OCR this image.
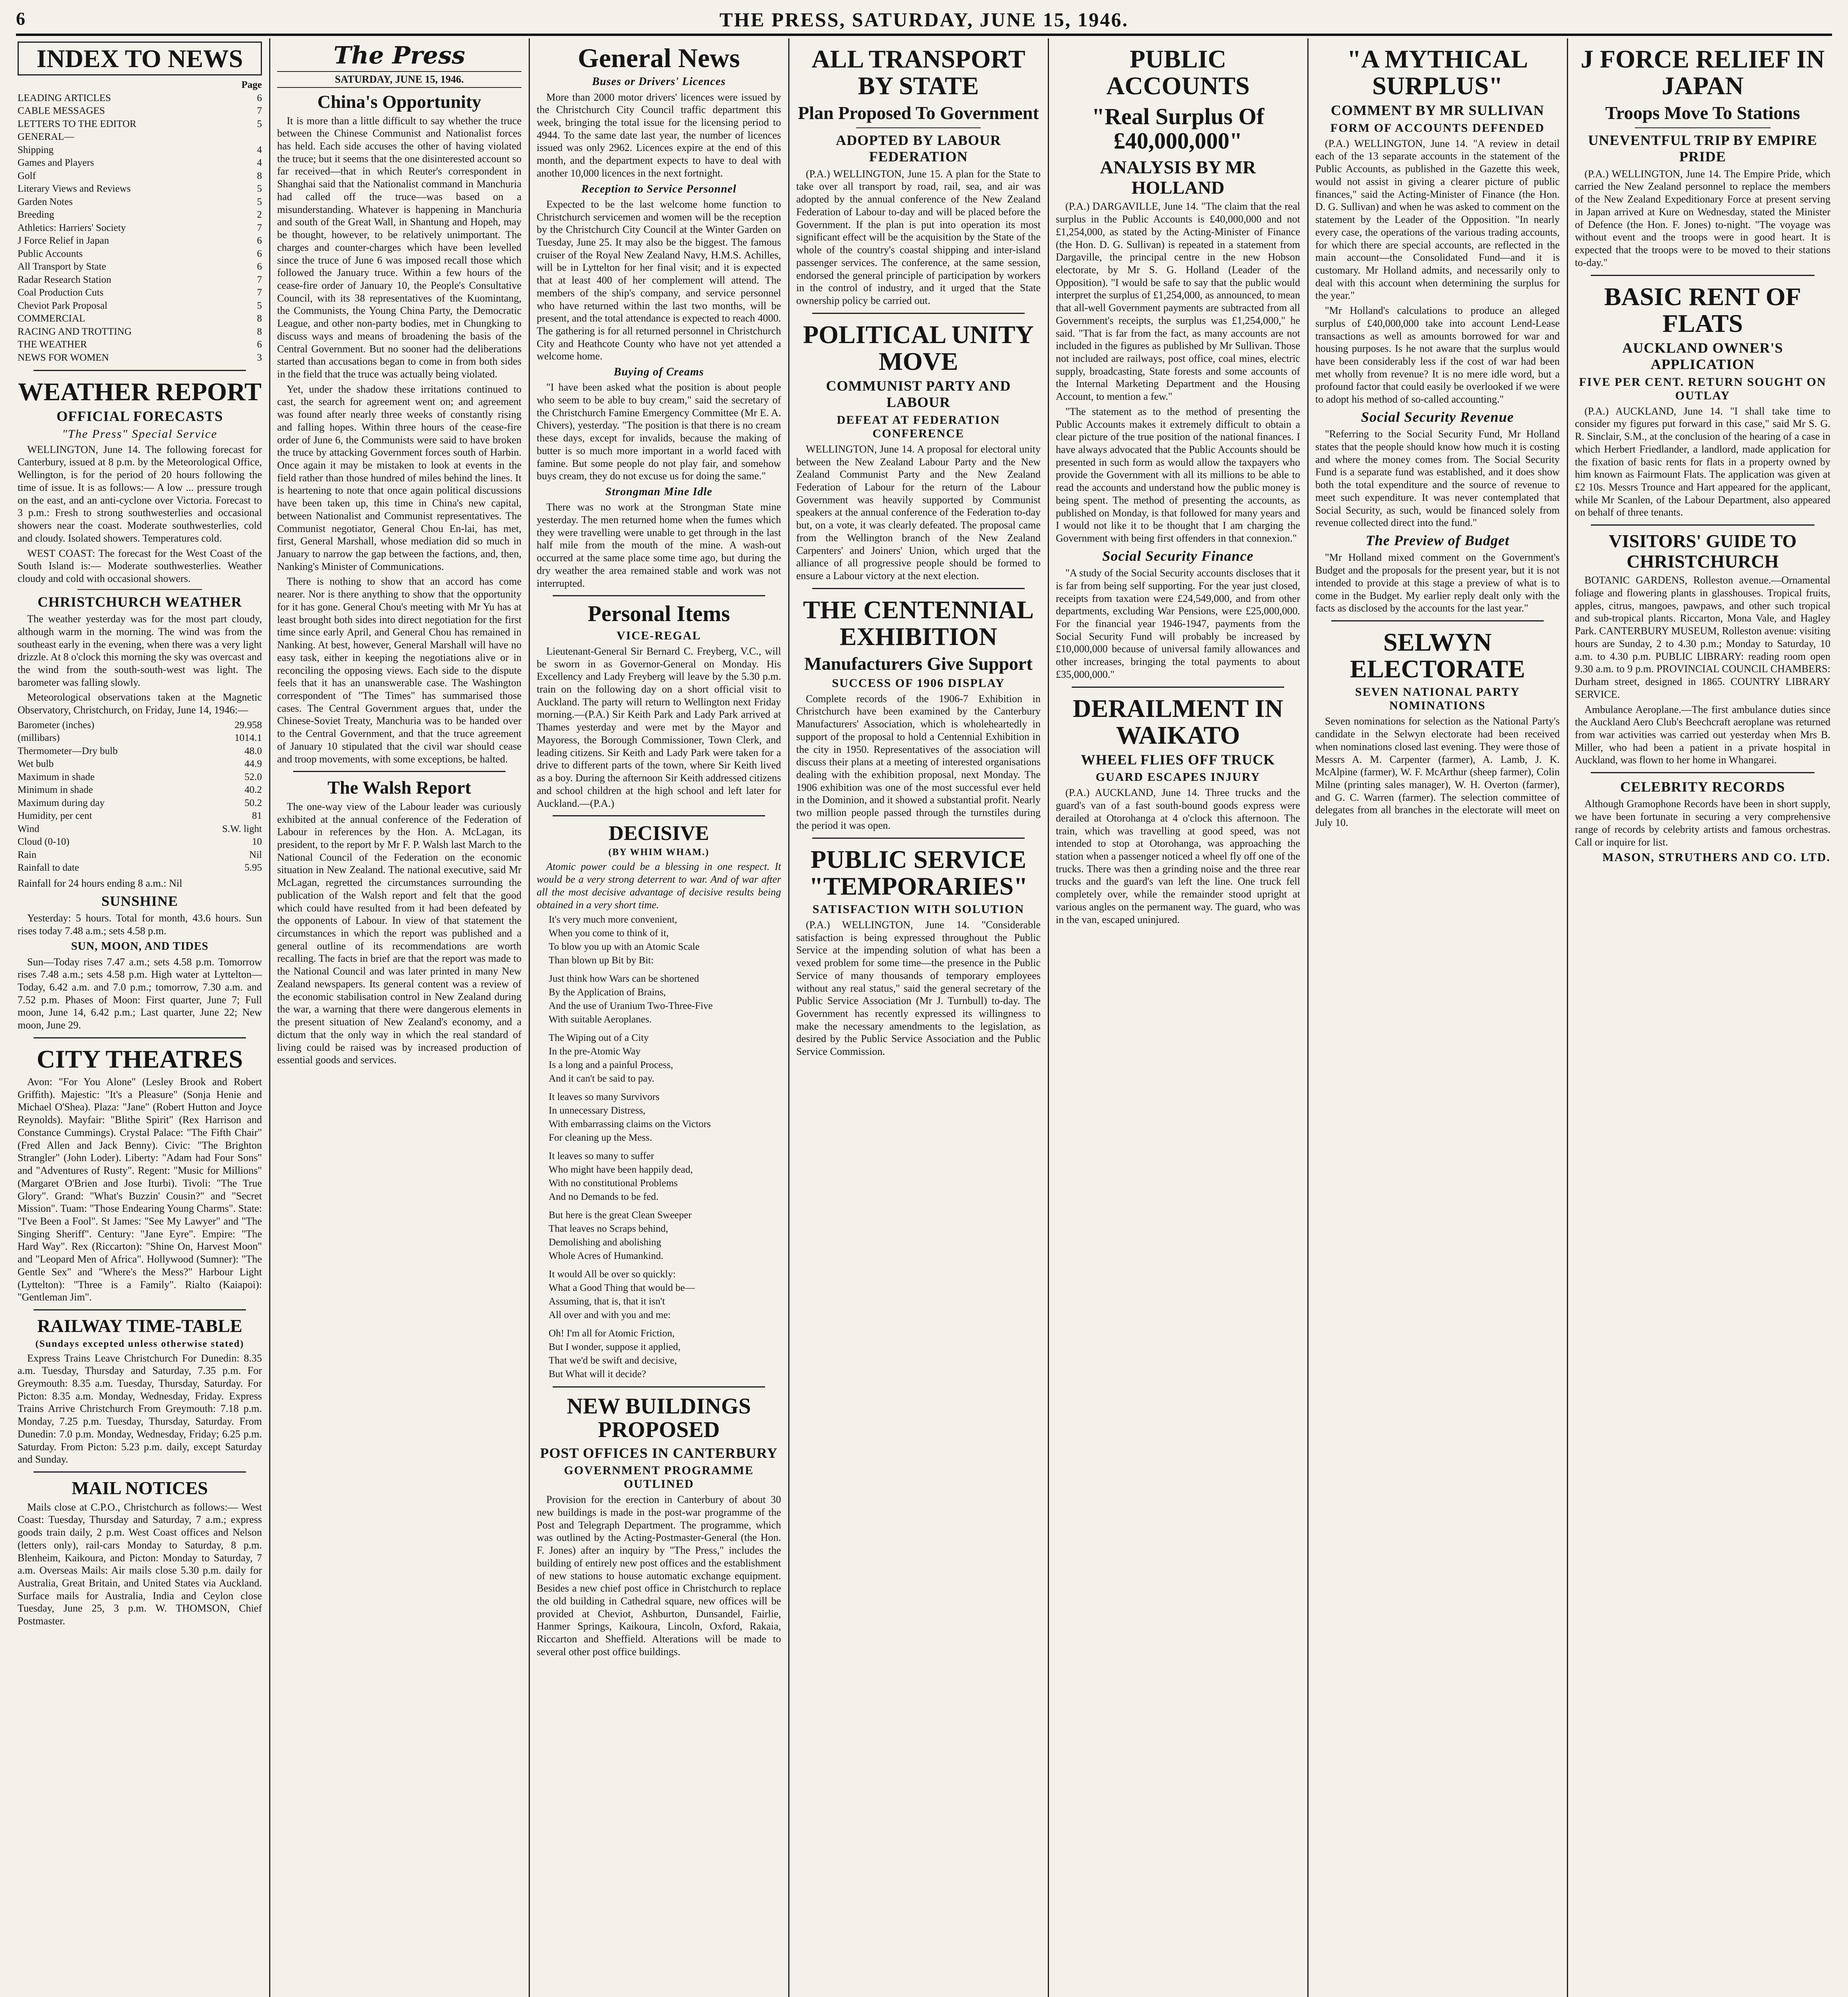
6	THE PRESS, SATURDAY, JUNE 15, 1946.
INDEX TO NEWS
Page
LEADING ARTICLES	6
CABLE MESSAGES	7
LETTERS TO THE EDITOR	5
GENERAL—
Shipping	4
Games and Players	4
Golf	8
Literary Views and Reviews	5
Garden Notes	5
Breeding	2
Athletics: Harriers' Society	7
J Force Relief in Japan	6
Public Accounts	6
All Transport by State	6
Radar Research Station	7
Coal Production Cuts	7
Cheviot Park Proposal	5
COMMERCIAL	8
RACING AND TROTTING	8
THE WEATHER	6
NEWS FOR WOMEN	3
WEATHER REPORT
OFFICIAL FORECASTS
"The Press" Special Service

WELLINGTON, June 14. The following forecast for Canterbury, issued at 8 p.m. by the Meteorological Office, Wellington, is for the period of 20 hours following the time of issue. It is as follows:— A low ... pressure trough on the east, and an anti-cyclone over Victoria. Forecast to 3 p.m.: Fresh to strong southwesterlies and occasional showers near the coast. Moderate southwesterlies, cold and cloudy. Isolated showers. Temperatures cold.

WEST COAST: The forecast for the West Coast of the South Island is:— Moderate southwesterlies. Weather cloudy and cold with occasional showers.

CHRISTCHURCH WEATHER

The weather yesterday was for the most part cloudy, although warm in the morning. The wind was from the southeast early in the evening, when there was a very light drizzle. At 8 o'clock this morning the sky was overcast and the wind from the south-south-west was light. The barometer was falling slowly.

Meteorological observations taken at the Magnetic Observatory, Christchurch, on Friday, June 14, 1946:—

Barometer (inches)	29.958
(millibars)	1014.1
Thermometer—Dry bulb	48.0
Wet bulb	44.9
Maximum in shade	52.0
Minimum in shade	40.2
Maximum during day	50.2
Humidity, per cent	81
Wind	S.W. light
Cloud (0-10)	10
Rain	Nil
Rainfall to date	5.95

Rainfall for 24 hours ending 8 a.m.: Nil

SUNSHINE

Yesterday: 5 hours. Total for month, 43.6 hours. Sun rises today 7.48 a.m.; sets 4.58 p.m.

SUN, MOON, AND TIDES

Sun—Today rises 7.47 a.m.; sets 4.58 p.m. Tomorrow rises 7.48 a.m.; sets 4.58 p.m. High water at Lyttelton—Today, 6.42 a.m. and 7.0 p.m.; tomorrow, 7.30 a.m. and 7.52 p.m. Phases of Moon: First quarter, June 7; Full moon, June 14, 6.42 p.m.; Last quarter, June 22; New moon, June 29.

CITY THEATRES

Avon: "For You Alone" (Lesley Brook and Robert Griffith). Majestic: "It's a Pleasure" (Sonja Henie and Michael O'Shea). Plaza: "Jane" (Robert Hutton and Joyce Reynolds). Mayfair: "Blithe Spirit" (Rex Harrison and Constance Cummings). Crystal Palace: "The Fifth Chair" (Fred Allen and Jack Benny). Civic: "The Brighton Strangler" (John Loder). Liberty: "Adam had Four Sons" and "Adventures of Rusty". Regent: "Music for Millions" (Margaret O'Brien and Jose Iturbi). Tivoli: "The True Glory". Grand: "What's Buzzin' Cousin?" and "Secret Mission". Tuam: "Those Endearing Young Charms". State: "I've Been a Fool". St James: "See My Lawyer" and "The Singing Sheriff". Century: "Jane Eyre". Empire: "The Hard Way". Rex (Riccarton): "Shine On, Harvest Moon" and "Leopard Men of Africa". Hollywood (Sumner): "The Gentle Sex" and "Where's the Mess?" Harbour Light (Lyttelton): "Three is a Family". Rialto (Kaiapoi): "Gentleman Jim".

RAILWAY TIME-TABLE
(Sundays excepted unless otherwise stated)

Express Trains Leave Christchurch For Dunedin: 8.35 a.m. Tuesday, Thursday and Saturday, 7.35 p.m. For Greymouth: 8.35 a.m. Tuesday, Thursday, Saturday. For Picton: 8.35 a.m. Monday, Wednesday, Friday. Express Trains Arrive Christchurch From Greymouth: 7.18 p.m. Monday, 7.25 p.m. Tuesday, Thursday, Saturday. From Dunedin: 7.0 p.m. Monday, Wednesday, Friday; 6.25 p.m. Saturday. From Picton: 5.23 p.m. daily, except Saturday and Sunday.

MAIL NOTICES

Mails close at C.P.O., Christchurch as follows:— West Coast: Tuesday, Thursday and Saturday, 7 a.m.; express goods train daily, 2 p.m. West Coast offices and Nelson (letters only), rail-cars Monday to Saturday, 8 p.m. Blenheim, Kaikoura, and Picton: Monday to Saturday, 7 a.m. Overseas Mails: Air mails close 5.30 p.m. daily for Australia, Great Britain, and United States via Auckland. Surface mails for Australia, India and Ceylon close Tuesday, June 25, 3 p.m. W. THOMSON, Chief Postmaster.

The Press
SATURDAY, JUNE 15, 1946.
China's Opportunity

It is more than a little difficult to say whether the truce between the Chinese Communist and Nationalist forces has held. Each side accuses the other of having violated the truce; but it seems that the one disinterested account so far received—that in which Reuter's correspondent in Shanghai said that the Nationalist command in Manchuria had called off the truce—was based on a misunderstanding. Whatever is happening in Manchuria and south of the Great Wall, in Shantung and Hopeh, may be thought, however, to be relatively unimportant. The charges and counter-charges which have been levelled since the truce of June 6 was imposed recall those which followed the January truce. Within a few hours of the cease-fire order of January 10, the People's Consultative Council, with its 38 representatives of the Kuomintang, the Communists, the Young China Party, the Democratic League, and other non-party bodies, met in Chungking to discuss ways and means of broadening the basis of the Central Government. But no sooner had the deliberations started than accusations began to come in from both sides in the field that the truce was actually being violated.

Yet, under the shadow these irritations continued to cast, the search for agreement went on; and agreement was found after nearly three weeks of constantly rising and falling hopes. Within three hours of the cease-fire order of June 6, the Communists were said to have broken the truce by attacking Government forces south of Harbin. Once again it may be mistaken to look at events in the field rather than those hundred of miles behind the lines. It is heartening to note that once again political discussions have been taken up, this time in China's new capital, between Nationalist and Communist representatives. The Communist negotiator, General Chou En-lai, has met, first, General Marshall, whose mediation did so much in January to narrow the gap between the factions, and, then, Nanking's Minister of Communications.

There is nothing to show that an accord has come nearer. Nor is there anything to show that the opportunity for it has gone. General Chou's meeting with Mr Yu has at least brought both sides into direct negotiation for the first time since early April, and General Chou has remained in Nanking. At best, however, General Marshall will have no easy task, either in keeping the negotiations alive or in reconciling the opposing views. Each side to the dispute feels that it has an unanswerable case. The Washington correspondent of "The Times" has summarised those cases. The Central Government argues that, under the Chinese-Soviet Treaty, Manchuria was to be handed over to the Central Government, and that the truce agreement of January 10 stipulated that the civil war should cease and troop movements, with some exceptions, be halted.

The Walsh Report

The one-way view of the Labour leader was curiously exhibited at the annual conference of the Federation of Labour in references by the Hon. A. McLagan, its president, to the report by Mr F. P. Walsh last March to the National Council of the Federation on the economic situation in New Zealand. The national executive, said Mr McLagan, regretted the circumstances surrounding the publication of the Walsh report and felt that the good which could have resulted from it had been defeated by the opponents of Labour. In view of that statement the circumstances in which the report was published and a general outline of its recommendations are worth recalling. The facts in brief are that the report was made to the National Council and was later printed in many New Zealand newspapers. Its general content was a review of the economic stabilisation control in New Zealand during the war, a warning that there were dangerous elements in the present situation of New Zealand's economy, and a dictum that the only way in which the real standard of living could be raised was by increased production of essential goods and services.

General News
Buses or Drivers' Licences

More than 2000 motor drivers' licences were issued by the Christchurch City Council traffic department this week, bringing the total issue for the licensing period to 4944. To the same date last year, the number of licences issued was only 2962. Licences expire at the end of this month, and the department expects to have to deal with another 10,000 licences in the next fortnight.

Reception to Service Personnel

Expected to be the last welcome home function to Christchurch servicemen and women will be the reception by the Christchurch City Council at the Winter Garden on Tuesday, June 25. It may also be the biggest. The famous cruiser of the Royal New Zealand Navy, H.M.S. Achilles, will be in Lyttelton for her final visit; and it is expected that at least 400 of her complement will attend. The members of the ship's company, and service personnel who have returned within the last two months, will be present, and the total attendance is expected to reach 4000. The gathering is for all returned personnel in Christchurch City and Heathcote County who have not yet attended a welcome home.

Buying of Creams

"I have been asked what the position is about people who seem to be able to buy cream," said the secretary of the Christchurch Famine Emergency Committee (Mr E. A. Chivers), yesterday. "The position is that there is no cream these days, except for invalids, because the making of butter is so much more important in a world faced with famine. But some people do not play fair, and somehow buys cream, they do not excuse us for doing the same."

Strongman Mine Idle

There was no work at the Strongman State mine yesterday. The men returned home when the fumes which they were travelling were unable to get through in the last half mile from the mouth of the mine. A wash-out occurred at the same place some time ago, but during the dry weather the area remained stable and work was not interrupted.

Personal Items
VICE-REGAL

Lieutenant-General Sir Bernard C. Freyberg, V.C., will be sworn in as Governor-General on Monday. His Excellency and Lady Freyberg will leave by the 5.30 p.m. train on the following day on a short official visit to Auckland. The party will return to Wellington next Friday morning.—(P.A.) Sir Keith Park and Lady Park arrived at Thames yesterday and were met by the Mayor and Mayoress, the Borough Commissioner, Town Clerk, and leading citizens. Sir Keith and Lady Park were taken for a drive to different parts of the town, where Sir Keith lived as a boy. During the afternoon Sir Keith addressed citizens and school children at the high school and left later for Auckland.—(P.A.)

DECISIVE
(BY WHIM WHAM.)

Atomic power could be a blessing in one respect. It would be a very strong deterrent to war. And of war after all the most decisive advantage of decisive results being obtained in a very short time.

It's very much more convenient,
When you come to think of it,
To blow you up with an Atomic Scale
Than blown up Bit by Bit:

Just think how Wars can be shortened
By the Application of Brains,
And the use of Uranium Two-Three-Five
With suitable Aeroplanes.

The Wiping out of a City
In the pre-Atomic Way
Is a long and a painful Process,
And it can't be said to pay.

It leaves so many Survivors
In unnecessary Distress,
With embarrassing claims on the Victors
For cleaning up the Mess.

It leaves so many to suffer
Who might have been happily dead,
With no constitutional Problems
And no Demands to be fed.

But here is the great Clean Sweeper
That leaves no Scraps behind,
Demolishing and abolishing
Whole Acres of Humankind.

It would All be over so quickly:
What a Good Thing that would be—
Assuming, that is, that it isn't
All over and with you and me:

Oh! I'm all for Atomic Friction,
But I wonder, suppose it applied,
That we'd be swift and decisive,
But What will it decide?
NEW BUILDINGS PROPOSED
POST OFFICES IN CANTERBURY
GOVERNMENT PROGRAMME OUTLINED

Provision for the erection in Canterbury of about 30 new buildings is made in the post-war programme of the Post and Telegraph Department. The programme, which was outlined by the Acting-Postmaster-General (the Hon. F. Jones) after an inquiry by "The Press," includes the building of entirely new post offices and the establishment of new stations to house automatic exchange equipment. Besides a new chief post office in Christchurch to replace the old building in Cathedral square, new offices will be provided at Cheviot, Ashburton, Dunsandel, Fairlie, Hanmer Springs, Kaikoura, Lincoln, Oxford, Rakaia, Riccarton and Sheffield. Alterations will be made to several other post office buildings.

ALL TRANSPORT BY STATE
Plan Proposed To Government
ADOPTED BY LABOUR FEDERATION

(P.A.) WELLINGTON, June 15. A plan for the State to take over all transport by road, rail, sea, and air was adopted by the annual conference of the New Zealand Federation of Labour to-day and will be placed before the Government. If the plan is put into operation its most significant effect will be the acquisition by the State of the whole of the country's coastal shipping and inter-island passenger services. The conference, at the same session, endorsed the general principle of participation by workers in the control of industry, and it urged that the State ownership policy be carried out.

POLITICAL UNITY MOVE
COMMUNIST PARTY AND LABOUR
DEFEAT AT FEDERATION CONFERENCE

WELLINGTON, June 14. A proposal for electoral unity between the New Zealand Labour Party and the New Zealand Communist Party and the New Zealand Federation of Labour for the return of the Labour Government was heavily supported by Communist speakers at the annual conference of the Federation to-day but, on a vote, it was clearly defeated. The proposal came from the Wellington branch of the New Zealand Carpenters' and Joiners' Union, which urged that the alliance of all progressive people should be formed to ensure a Labour victory at the next election.

THE CENTENNIAL EXHIBITION
Manufacturers Give Support
SUCCESS OF 1906 DISPLAY

Complete records of the 1906-7 Exhibition in Christchurch have been examined by the Canterbury Manufacturers' Association, which is wholeheartedly in support of the proposal to hold a Centennial Exhibition in the city in 1950. Representatives of the association will discuss their plans at a meeting of interested organisations dealing with the exhibition proposal, next Monday. The 1906 exhibition was one of the most successful ever held in the Dominion, and it showed a substantial profit. Nearly two million people passed through the turnstiles during the period it was open.

PUBLIC SERVICE "TEMPORARIES"
SATISFACTION WITH SOLUTION

(P.A.) WELLINGTON, June 14. "Considerable satisfaction is being expressed throughout the Public Service at the impending solution of what has been a vexed problem for some time—the presence in the Public Service of many thousands of temporary employees without any real status," said the general secretary of the Public Service Association (Mr J. Turnbull) to-day. The Government has recently expressed its willingness to make the necessary amendments to the legislation, as desired by the Public Service Association and the Public Service Commission.

PUBLIC ACCOUNTS
"Real Surplus Of £40,000,000"
ANALYSIS BY MR HOLLAND

(P.A.) DARGAVILLE, June 14. "The claim that the real surplus in the Public Accounts is £40,000,000 and not £1,254,000, as stated by the Acting-Minister of Finance (the Hon. D. G. Sullivan) is repeated in a statement from Dargaville, the principal centre in the new Hobson electorate, by Mr S. G. Holland (Leader of the Opposition). "I would be safe to say that the public would interpret the surplus of £1,254,000, as announced, to mean that all-well Government payments are subtracted from all Government's receipts, the surplus was £1,254,000," he said. "That is far from the fact, as many accounts are not included in the figures as published by Mr Sullivan. Those not included are railways, post office, coal mines, electric supply, broadcasting, State forests and some accounts of the Internal Marketing Department and the Housing Account, to mention a few."

"The statement as to the method of presenting the Public Accounts makes it extremely difficult to obtain a clear picture of the true position of the national finances. I have always advocated that the Public Accounts should be presented in such form as would allow the taxpayers who provide the Government with all its millions to be able to read the accounts and understand how the public money is being spent. The method of presenting the accounts, as published on Monday, is that followed for many years and I would not like it to be thought that I am charging the Government with being first offenders in that connexion."

Social Security Finance

"A study of the Social Security accounts discloses that it is far from being self supporting. For the year just closed, receipts from taxation were £24,549,000, and from other departments, excluding War Pensions, were £25,000,000. For the financial year 1946-1947, payments from the Social Security Fund will probably be increased by £10,000,000 because of universal family allowances and other increases, bringing the total payments to about £35,000,000."

DERAILMENT IN WAIKATO
WHEEL FLIES OFF TRUCK
GUARD ESCAPES INJURY

(P.A.) AUCKLAND, June 14. Three trucks and the guard's van of a fast south-bound goods express were derailed at Otorohanga at 4 o'clock this afternoon. The train, which was travelling at good speed, was not intended to stop at Otorohanga, was approaching the station when a passenger noticed a wheel fly off one of the trucks. There was then a grinding noise and the three rear trucks and the guard's van left the line. One truck fell completely over, while the remainder stood upright at various angles on the permanent way. The guard, who was in the van, escaped uninjured.

"A MYTHICAL SURPLUS"
COMMENT BY MR SULLIVAN
FORM OF ACCOUNTS DEFENDED

(P.A.) WELLINGTON, June 14. "A review in detail each of the 13 separate accounts in the statement of the Public Accounts, as published in the Gazette this week, would not assist in giving a clearer picture of public finances," said the Acting-Minister of Finance (the Hon. D. G. Sullivan) and when he was asked to comment on the statement by the Leader of the Opposition. "In nearly every case, the operations of the various trading accounts, for which there are special accounts, are reflected in the main account—the Consolidated Fund—and it is customary. Mr Holland admits, and necessarily only to deal with this account when determining the surplus for the year."

"Mr Holland's calculations to produce an alleged surplus of £40,000,000 take into account Lend-Lease transactions as well as amounts borrowed for war and housing purposes. Is he not aware that the surplus would have been considerably less if the cost of war had been met wholly from revenue? It is no mere idle word, but a profound factor that could easily be overlooked if we were to adopt his method of so-called accounting."

Social Security Revenue

"Referring to the Social Security Fund, Mr Holland states that the people should know how much it is costing and where the money comes from. The Social Security Fund is a separate fund was established, and it does show both the total expenditure and the source of revenue to meet such expenditure. It was never contemplated that Social Security, as such, would be financed solely from revenue collected direct into the fund."

The Preview of Budget

"Mr Holland mixed comment on the Government's Budget and the proposals for the present year, but it is not intended to provide at this stage a preview of what is to come in the Budget. My earlier reply dealt only with the facts as disclosed by the accounts for the last year."

SELWYN ELECTORATE
SEVEN NATIONAL PARTY NOMINATIONS

Seven nominations for selection as the National Party's candidate in the Selwyn electorate had been received when nominations closed last evening. They were those of Messrs A. M. Carpenter (farmer), A. Lamb, J. K. McAlpine (farmer), W. F. McArthur (sheep farmer), Colin Milne (printing sales manager), W. H. Overton (farmer), and G. C. Warren (farmer). The selection committee of delegates from all branches in the electorate will meet on July 10.

J FORCE RELIEF IN JAPAN
Troops Move To Stations
UNEVENTFUL TRIP BY EMPIRE PRIDE

(P.A.) WELLINGTON, June 14. The Empire Pride, which carried the New Zealand personnel to replace the members of the New Zealand Expeditionary Force at present serving in Japan arrived at Kure on Wednesday, stated the Minister of Defence (the Hon. F. Jones) to-night. "The voyage was without event and the troops were in good heart. It is expected that the troops were to be moved to their stations to-day."

BASIC RENT OF FLATS
AUCKLAND OWNER'S APPLICATION
FIVE PER CENT. RETURN SOUGHT ON OUTLAY

(P.A.) AUCKLAND, June 14. "I shall take time to consider my figures put forward in this case," said Mr S. G. R. Sinclair, S.M., at the conclusion of the hearing of a case in which Herbert Friedlander, a landlord, made application for the fixation of basic rents for flats in a property owned by him known as Fairmount Flats. The application was given at £2 10s. Messrs Trounce and Hart appeared for the applicant, while Mr Scanlen, of the Labour Department, also appeared on behalf of three tenants.

VISITORS' GUIDE TO CHRISTCHURCH

BOTANIC GARDENS, Rolleston avenue.—Ornamental foliage and flowering plants in glasshouses. Tropical fruits, apples, citrus, mangoes, pawpaws, and other such tropical and sub-tropical plants. Riccarton, Mona Vale, and Hagley Park. CANTERBURY MUSEUM, Rolleston avenue: visiting hours are Sunday, 2 to 4.30 p.m.; Monday to Saturday, 10 a.m. to 4.30 p.m. PUBLIC LIBRARY: reading room open 9.30 a.m. to 9 p.m. PROVINCIAL COUNCIL CHAMBERS: Durham street, designed in 1865. COUNTRY LIBRARY SERVICE.

Ambulance Aeroplane.—The first ambulance duties since the Auckland Aero Club's Beechcraft aeroplane was returned from war activities was carried out yesterday when Mrs B. Miller, who had been a patient in a private hospital in Auckland, was flown to her home in Whangarei.

CELEBRITY RECORDS

Although Gramophone Records have been in short supply, we have been fortunate in securing a very comprehensive range of records by celebrity artists and famous orchestras. Call or inquire for list.

MASON, STRUTHERS AND CO. LTD.
